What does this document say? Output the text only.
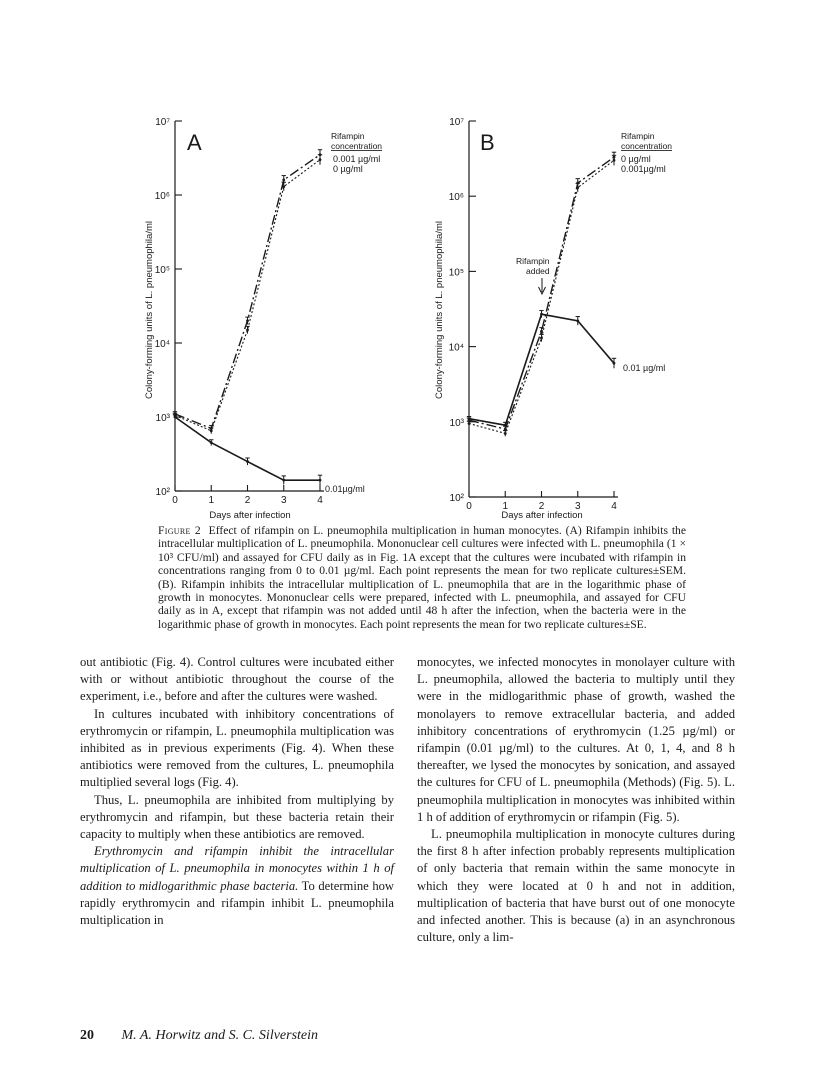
A
Colony-forming units of L. pneumophila/ml
Days after infection
Rifampin
concentration
0.001 µg/ml
0 µg/ml
0.01µg/ml
B
Colony-forming units of L. pneumophila/ml
Days after infection
Rifampin
concentration
0 µg/ml
0.001µg/ml
0.01 µg/ml
Rifampin
added
10²
10³
10⁴
10⁵
10⁶
10⁷
0	1	2	3	4	10²
10³
10⁴
10⁵
10⁶
10⁷
0	1	2	3	4
Figure 2 Effect of rifampin on L. pneumophila multiplication in human monocytes. (A) Rifampin inhibits the intracellular multiplication of L. pneumophila. Mononuclear cell cultures were infected with L. pneumophila (1 × 10³ CFU/ml) and assayed for CFU daily as in Fig. 1A except that the cultures were incubated with rifampin in concentrations ranging from 0 to 0.01 µg/ml. Each point represents the mean for two replicate cultures±SEM. (B). Rifampin inhibits the intracellular multiplication of L. pneumophila that are in the logarithmic phase of growth in monocytes. Mononuclear cells were prepared, infected with L. pneumophila, and assayed for CFU daily as in A, except that rifampin was not added until 48 h after the infection, when the bacteria were in the logarithmic phase of growth in monocytes. Each point represents the mean for two replicate cultures±SE.

out antibiotic (Fig. 4). Control cultures were incubated either with or without antibiotic throughout the course of the experiment, i.e., before and after the cultures were washed.

In cultures incubated with inhibitory concentrations of erythromycin or rifampin, L. pneumophila multiplication was inhibited as in previous experiments (Fig. 4). When these antibiotics were removed from the cultures, L. pneumophila multiplied several logs (Fig. 4).

Thus, L. pneumophila are inhibited from multiplying by erythromycin and rifampin, but these bacteria retain their capacity to multiply when these antibiotics are removed.

Erythromycin and rifampin inhibit the intracellular multiplication of L. pneumophila in monocytes within 1 h of addition to midlogarithmic phase bacteria. To determine how rapidly erythromycin and rifampin inhibit L. pneumophila multiplication in

monocytes, we infected monocytes in monolayer culture with L. pneumophila, allowed the bacteria to multiply until they were in the midlogarithmic phase of growth, washed the monolayers to remove extracellular bacteria, and added inhibitory concentrations of erythromycin (1.25 µg/ml) or rifampin (0.01 µg/ml) to the cultures. At 0, 1, 4, and 8 h thereafter, we lysed the monocytes by sonication, and assayed the cultures for CFU of L. pneumophila (Methods) (Fig. 5). L. pneumophila multiplication in monocytes was inhibited within 1 h of addition of erythromycin or rifampin (Fig. 5).

L. pneumophila multiplication in monocyte cultures during the first 8 h after infection probably represents multiplication of only bacteria that remain within the same monocyte in which they were located at 0 h and not in addition, multiplication of bacteria that have burst out of one monocyte and infected another. This is because (a) in an asynchronous culture, only a lim-

20 M. A. Horwitz and S. C. Silverstein
